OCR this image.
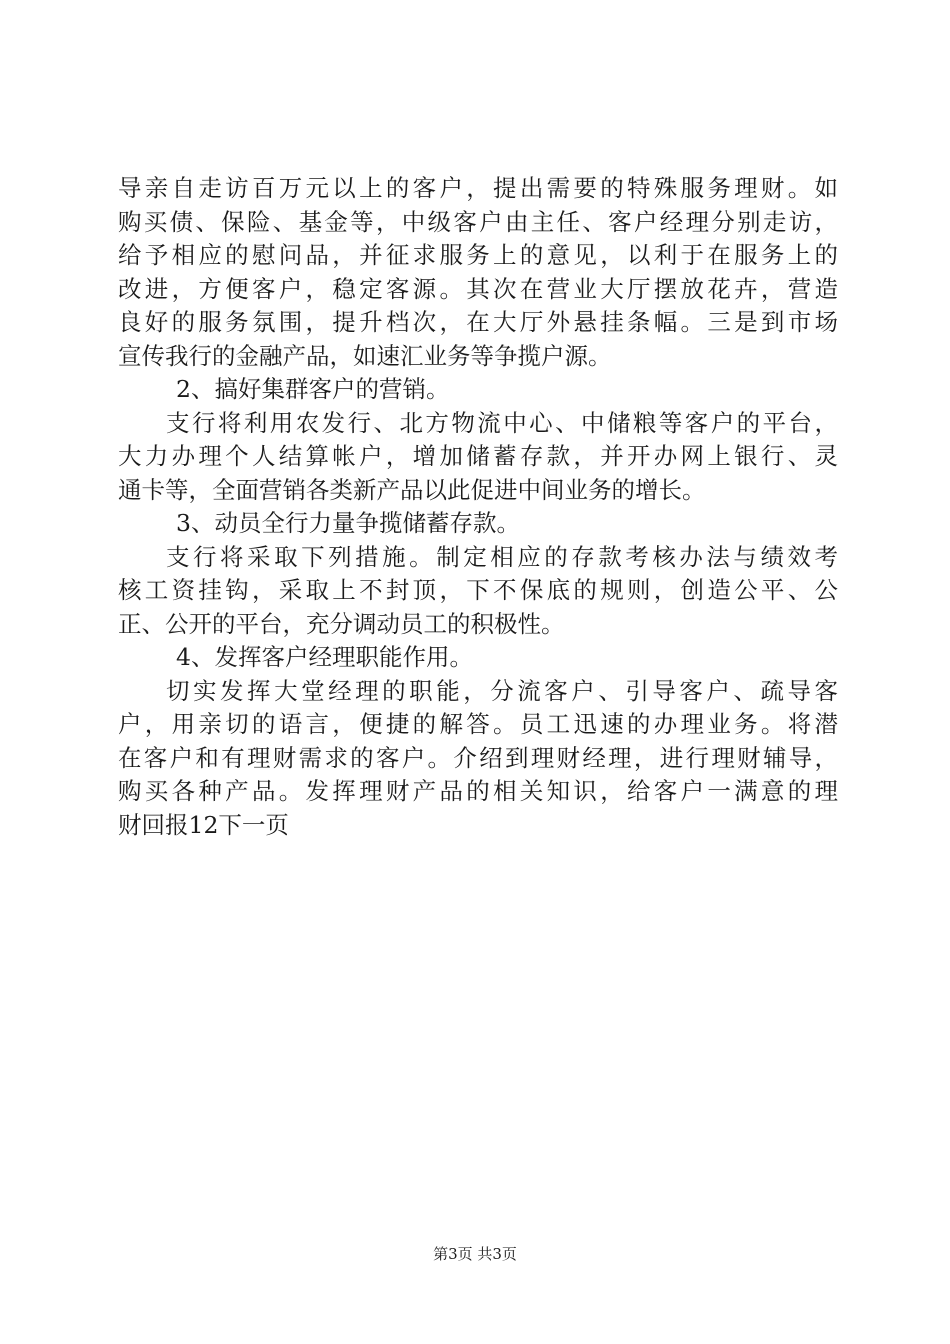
导亲自走访百万元以上的客户，提出需要的特殊服务理财。如
购买债、保险、基金等，中级客户由主任、客户经理分别走访，
给予相应的慰问品，并征求服务上的意见，以利于在服务上的
改进，方便客户，稳定客源。其次在营业大厅摆放花卉，营造
良好的服务氛围，提升档次，在大厅外悬挂条幅。三是到市场
宣传我行的金融产品，如速汇业务等争揽户源。
2、搞好集群客户的营销。
支行将利用农发行、北方物流中心、中储粮等客户的平台，
大力办理个人结算帐户，增加储蓄存款，并开办网上银行、灵
通卡等，全面营销各类新产品以此促进中间业务的增长。
3、动员全行力量争揽储蓄存款。
支行将采取下列措施。制定相应的存款考核办法与绩效考
核工资挂钩，采取上不封顶，下不保底的规则，创造公平、公
正、公开的平台，充分调动员工的积极性。
4、发挥客户经理职能作用。
切实发挥大堂经理的职能，分流客户、引导客户、疏导客
户，用亲切的语言，便捷的解答。员工迅速的办理业务。将潜
在客户和有理财需求的客户。介绍到理财经理，进行理财辅导，
购买各种产品。发挥理财产品的相关知识，给客户一满意的理
财回报12下一页
第3页 共3页
